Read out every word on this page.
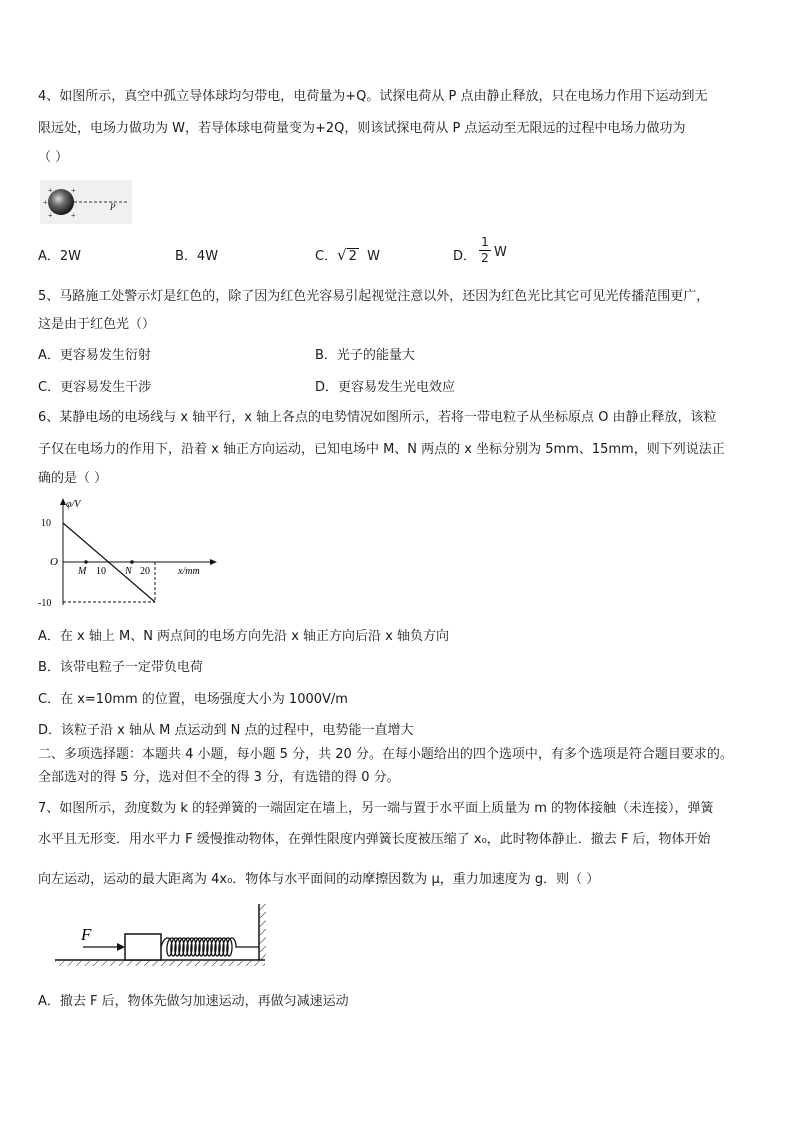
4、如图所示，真空中孤立导体球均匀带电，电荷量为+Q。试探电荷从 P 点由静止释放，只在电场力作用下运动到无
限远处，电场力做功为 W，若导体球电荷量变为+2Q，则该试探电荷从 P 点运动至无限远的过程中电场力做功为
（ ）
+ +
+
+ +
P
A．2W	B．4W	C．√ 2 W	D． $\frac{1}{2}$ W
5、马路施工处警示灯是红色的，除了因为红色光容易引起视觉注意以外，还因为红色光比其它可见光传播范围更广，
这是由于红色光（）
A．更容易发生衍射	B．光子的能量大
C．更容易发生干涉	D．更容易发生光电效应
6、某静电场的电场线与 x 轴平行，x 轴上各点的电势情况如图所示，若将一带电粒子从坐标原点 O 由静止释放，该粒
子仅在电场力的作用下，沿着 x 轴正方向运动，已知电场中 M、N 两点的 x 坐标分别为 5mm、15mm，则下列说法正
确的是（ ）
φ/V
10
O
-10
M 10 N 20	x/mm
A．在 x 轴上 M、N 两点间的电场方向先沿 x 轴正方向后沿 x 轴负方向
B．该带电粒子一定带负电荷
C．在 x=10mm 的位置，电场强度大小为 1000V/m
D．该粒子沿 x 轴从 M 点运动到 N 点的过程中，电势能一直增大
二、多项选择题：本题共 4 小题，每小题 5 分，共 20 分。在每小题给出的四个选项中，有多个选项是符合题目要求的。
全部选对的得 5 分，选对但不全的得 3 分，有选错的得 0 分。
7、如图所示，劲度数为 k 的轻弹簧的一端固定在墙上，另一端与置于水平面上质量为 m 的物体接触（未连接），弹簧
水平且无形变．用水平力 F 缓慢推动物体，在弹性限度内弹簧长度被压缩了 x₀，此时物体静止．撤去 F 后，物体开始
向左运动，运动的最大距离为 4x₀．物体与水平面间的动摩擦因数为 μ，重力加速度为 g．则（ ）
F
A．撤去 F 后，物体先做匀加速运动，再做匀减速运动
